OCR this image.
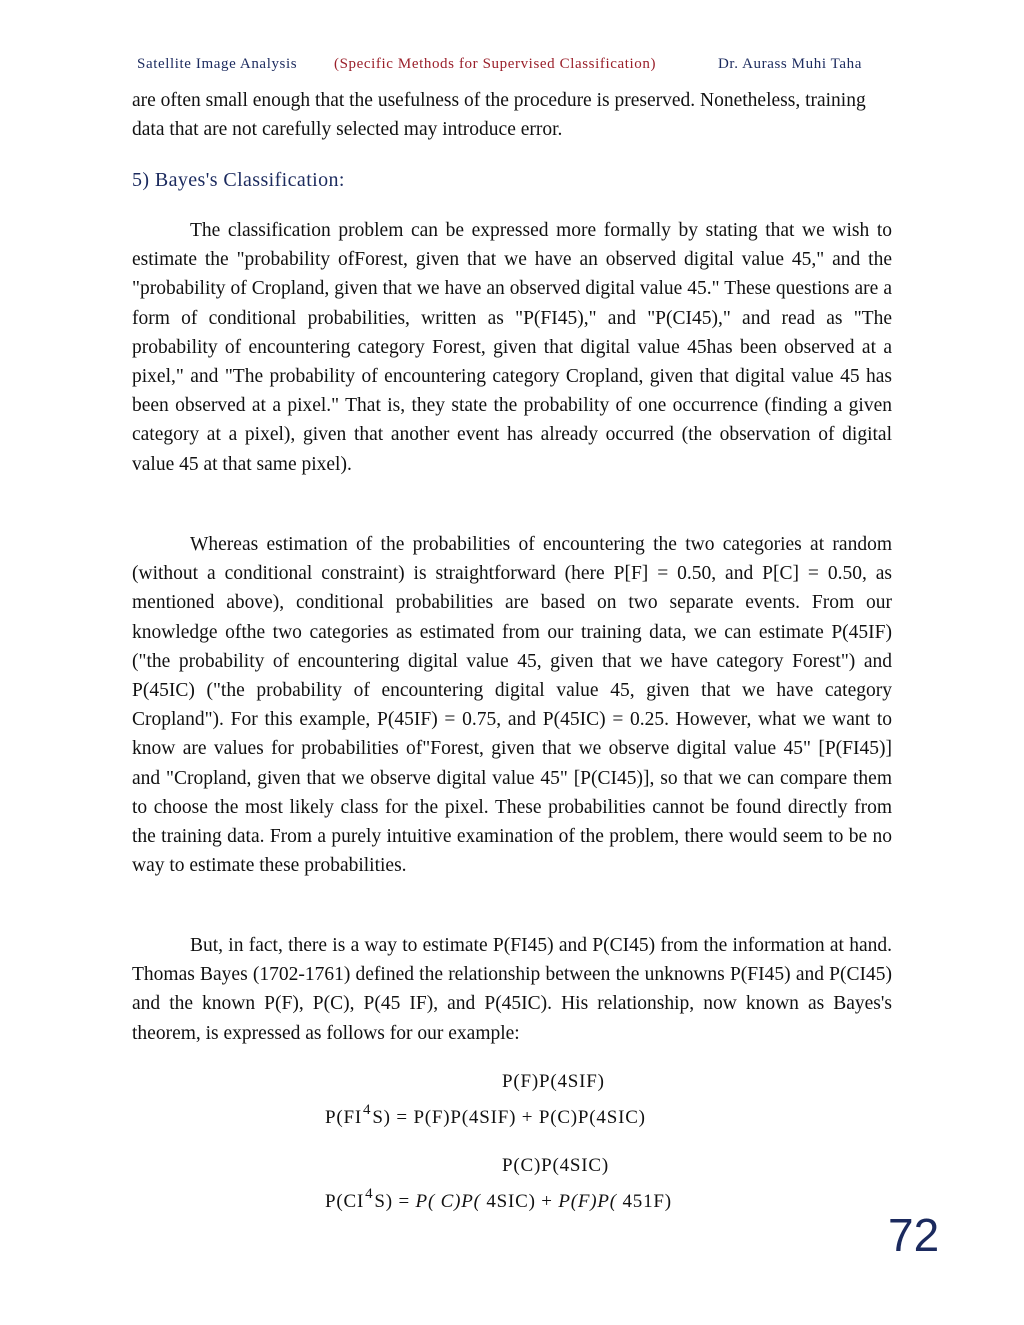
Satellite Image Analysis (Specific Methods for Supervised Classification)	Dr. Aurass Muhi Taha
are often small enough that the usefulness of the procedure is preserved. Nonetheless, training data that are not carefully selected may introduce error.
5) Bayes's Classification:
The classification problem can be expressed more formally by stating that we wish to estimate the "probability ofForest, given that we have an observed digital value 45," and the "probability of Cropland, given that we have an observed digital value 45." These questions are a form of conditional probabilities, written as "P(FI45)," and "P(CI45)," and read as "The probability of encountering category Forest, given that digital value 45has been observed at a pixel," and "The probability of encountering category Cropland, given that digital value 45 has been observed at a pixel." That is, they state the probability of one occurrence (finding a given category at a pixel), given that another event has already occurred (the observation of digital value 45 at that same pixel).
Whereas estimation of the probabilities of encountering the two categories at random (without a conditional constraint) is straightforward (here P[F] = 0.50, and P[C] = 0.50, as mentioned above), conditional probabilities are based on two separate events. From our knowledge ofthe two categories as estimated from our training data, we can estimate P(45IF) ("the probability of encountering digital value 45, given that we have category Forest") and P(45IC) ("the probability of encountering digital value 45, given that we have category Cropland"). For this example, P(45IF) = 0.75, and P(45IC) = 0.25. However, what we want to know are values for probabilities of"Forest, given that we observe digital value 45" [P(FI45)] and "Cropland, given that we observe digital value 45" [P(CI45)], so that we can compare them to choose the most likely class for the pixel. These probabilities cannot be found directly from the training data. From a purely intuitive examination of the problem, there would seem to be no way to estimate these probabilities.
But, in fact, there is a way to estimate P(FI45) and P(CI45) from the information at hand. Thomas Bayes (1702-1761) defined the relationship between the unknowns P(FI45) and P(CI45) and the known P(F), P(C), P(45 IF), and P(45IC). His relationship, now known as Bayes's theorem, is expressed as follows for our example:
P(F)P(4SIF)
$P(FI^4S) = P(F)P(4SIF) + P(C)P(4SIC)$
P(C)P(4SIC)
$P(CI^4S) = P$( C)P( 4SIC) + P(F)P( 451F)
72
